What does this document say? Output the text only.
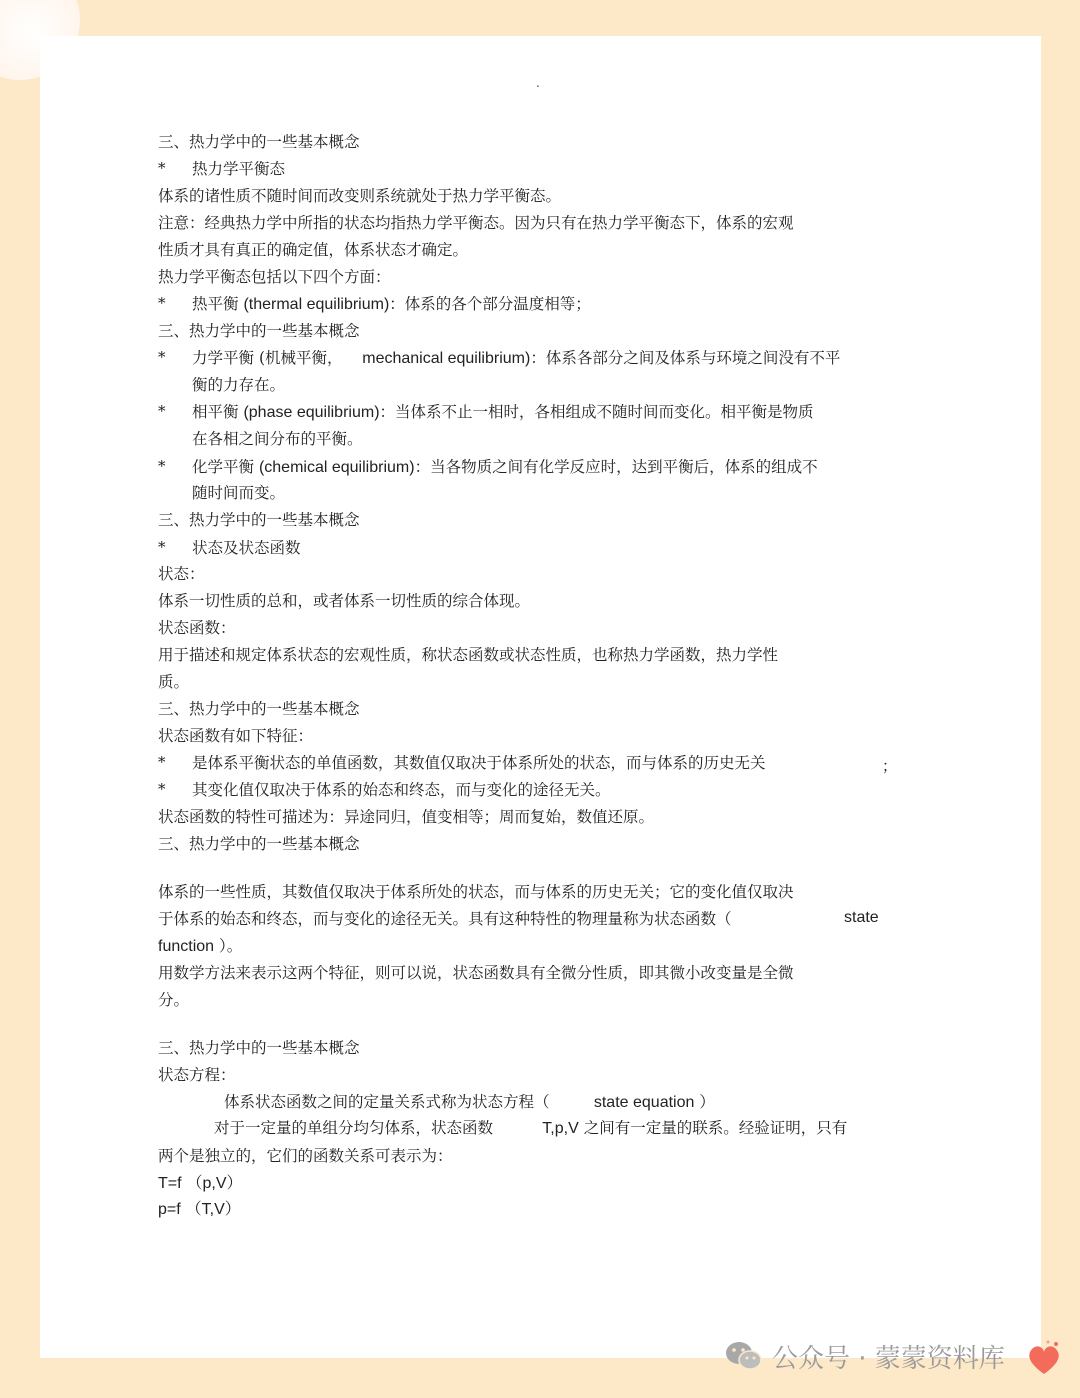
.

三、热力学中的一些基本概念

* 热力学平衡态

体系的诸性质不随时间而改变则系统就处于热力学平衡态。

注意：经典热力学中所指的状态均指热力学平衡态。因为只有在热力学平衡态下，体系的宏观

性质才具有真正的确定值，体系状态才确定。

热力学平衡态包括以下四个方面：

* 热平衡 (thermal equilibrium)：体系的各个部分温度相等；

三、热力学中的一些基本概念

* 力学平衡 (机械平衡， mechanical equilibrium)：体系各部分之间及体系与环境之间没有不平

衡的力存在。

* 相平衡 (phase equilibrium)：当体系不止一相时，各相组成不随时间而变化。相平衡是物质

在各相之间分布的平衡。

* 化学平衡 (chemical equilibrium)：当各物质之间有化学反应时，达到平衡后，体系的组成不

随时间而变。

三、热力学中的一些基本概念

* 状态及状态函数

状态：

体系一切性质的总和，或者体系一切性质的综合体现。

状态函数：

用于描述和规定体系状态的宏观性质，称状态函数或状态性质，也称热力学函数，热力学性

质。

三、热力学中的一些基本概念

状态函数有如下特征：

* 是体系平衡状态的单值函数，其数值仅取决于体系所处的状态，而与体系的历史无关	；
* 其变化值仅取决于体系的始态和终态，而与变化的途径无关。

状态函数的特性可描述为：异途同归，值变相等；周而复始，数值还原。

三、热力学中的一些基本概念

体系的一些性质，其数值仅取决于体系所处的状态，而与体系的历史无关；它的变化值仅取决

于体系的始态和终态，而与变化的途径无关。具有这种特性的物理量称为状态函数（	state

function ）。

用数学方法来表示这两个特征，则可以说，状态函数具有全微分性质，即其微小改变量是全微

分。

三、热力学中的一些基本概念

状态方程：

体系状态函数之间的定量关系式称为状态方程（	state equation ）

对于一定量的单组分均匀体系，状态函数	T,p,V 之间有一定量的联系。经验证明，只有

两个是独立的，它们的函数关系可表示为：

T=f （p,V）

p=f （T,V）

公众号 · 蒙蒙资料库
